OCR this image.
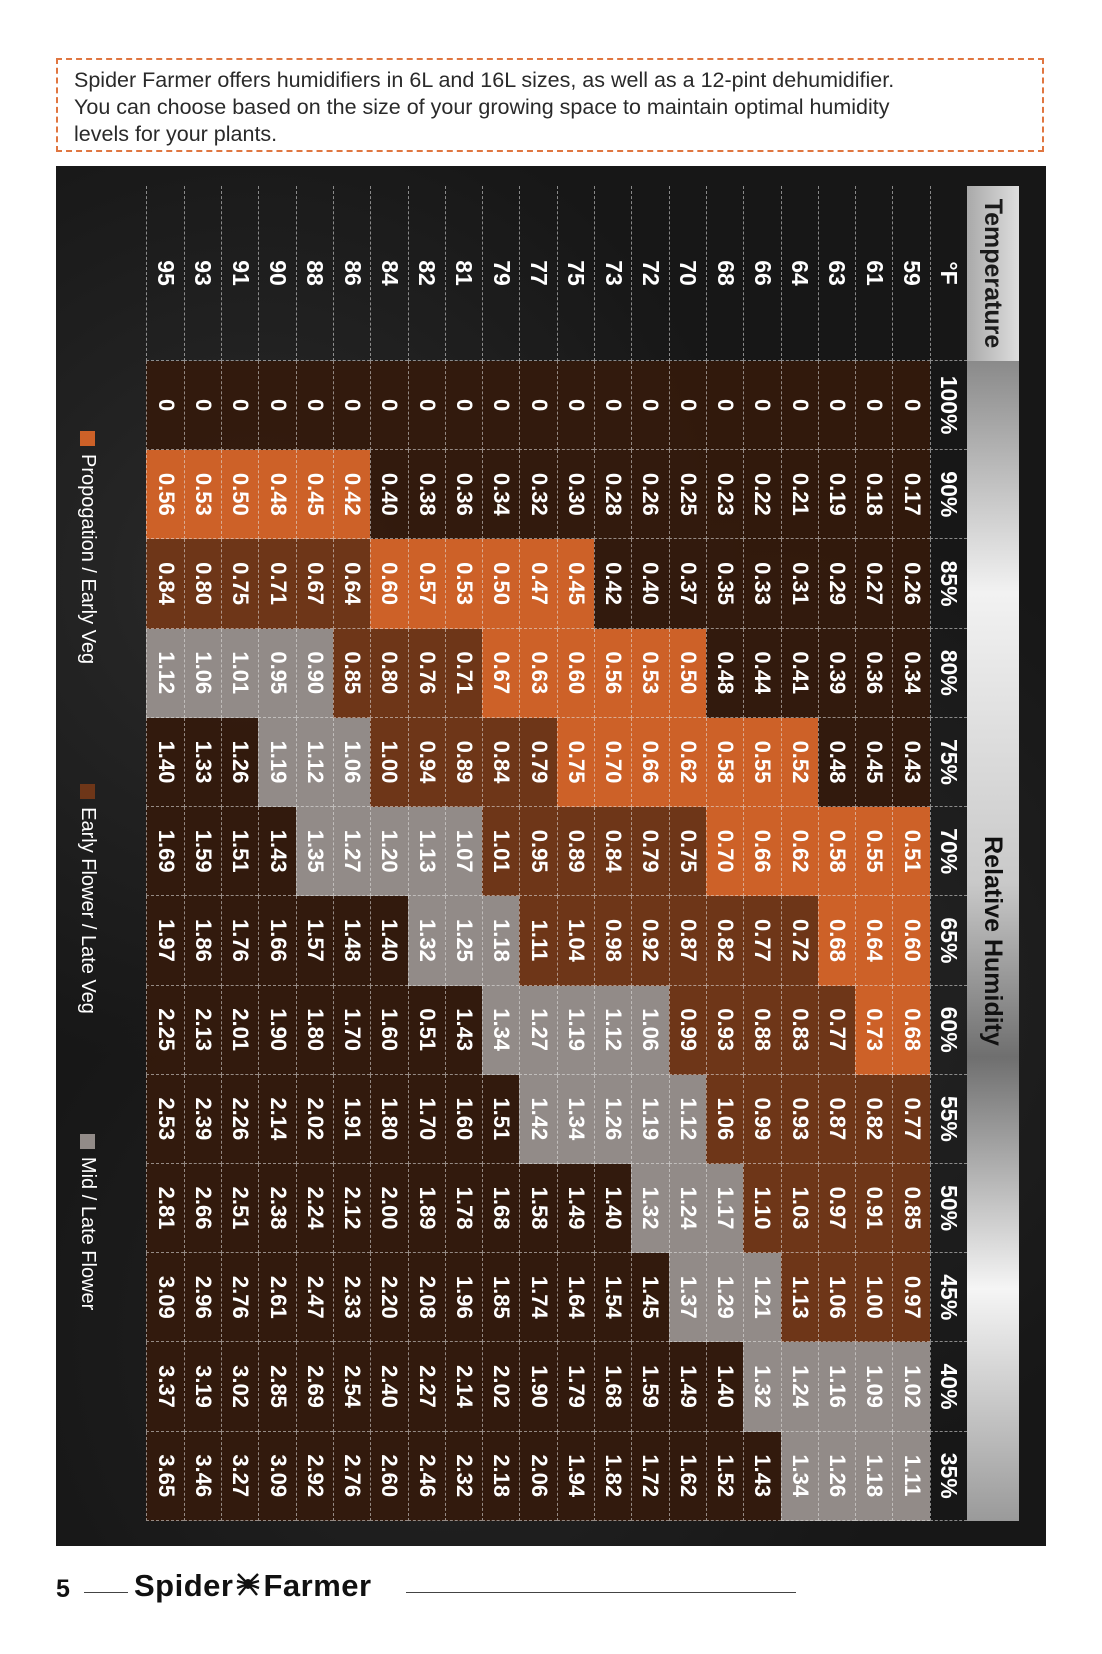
Spider Farmer offers humidifiers in 6L and 16L sizes, as well as a 12-pint dehumidifier.

You can choose based on the size of your growing space to maintain optimal humidity

levels for your plants.

Temperature
Relative Humidity
°F
100%
90%
85%
80%
75%
70%
65%
60%
55%
50%
45%
40%
35%
59
0
0.17
0.26
0.34
0.43
0.51
0.60
0.68
0.77
0.85
0.97
1.02
1.11
61
0
0.18
0.27
0.36
0.45
0.55
0.64
0.73
0.82
0.91
1.00
1.09
1.18
63
0
0.19
0.29
0.39
0.48
0.58
0.68
0.77
0.87
0.97
1.06
1.16
1.26
64
0
0.21
0.31
0.41
0.52
0.62
0.72
0.83
0.93
1.03
1.13
1.24
1.34
66
0
0.22
0.33
0.44
0.55
0.66
0.77
0.88
0.99
1.10
1.21
1.32
1.43
68
0
0.23
0.35
0.48
0.58
0.70
0.82
0.93
1.06
1.17
1.29
1.40
1.52
70
0
0.25
0.37
0.50
0.62
0.75
0.87
0.99
1.12
1.24
1.37
1.49
1.62
72
0
0.26
0.40
0.53
0.66
0.79
0.92
1.06
1.19
1.32
1.45
1.59
1.72
73
0
0.28
0.42
0.56
0.70
0.84
0.98
1.12
1.26
1.40
1.54
1.68
1.82
75
0
0.30
0.45
0.60
0.75
0.89
1.04
1.19
1.34
1.49
1.64
1.79
1.94
77
0
0.32
0.47
0.63
0.79
0.95
1.11
1.27
1.42
1.58
1.74
1.90
2.06
79
0
0.34
0.50
0.67
0.84
1.01
1.18
1.34
1.51
1.68
1.85
2.02
2.18
81
0
0.36
0.53
0.71
0.89
1.07
1.25
1.43
1.60
1.78
1.96
2.14
2.32
82
0
0.38
0.57
0.76
0.94
1.13
1.32
0.51
1.70
1.89
2.08
2.27
2.46
84
0
0.40
0.60
0.80
1.00
1.20
1.40
1.60
1.80
2.00
2.20
2.40
2.60
86
0
0.42
0.64
0.85
1.06
1.27
1.48
1.70
1.91
2.12
2.33
2.54
2.76
88
0
0.45
0.67
0.90
1.12
1.35
1.57
1.80
2.02
2.24
2.47
2.69
2.92
90
0
0.48
0.71
0.95
1.19
1.43
1.66
1.90
2.14
2.38
2.61
2.85
3.09
91
0
0.50
0.75
1.01
1.26
1.51
1.76
2.01
2.26
2.51
2.76
3.02
3.27
93
0
0.53
0.80
1.06
1.33
1.59
1.86
2.13
2.39
2.66
2.96
3.19
3.46
95
0
0.56
0.84
1.12
1.40
1.69
1.97
2.25
2.53
2.81
3.09
3.37
3.65
Propogation / Early Veg
Early Flower / Late Veg
Mid / Late Flower
5 Spider Farmer
